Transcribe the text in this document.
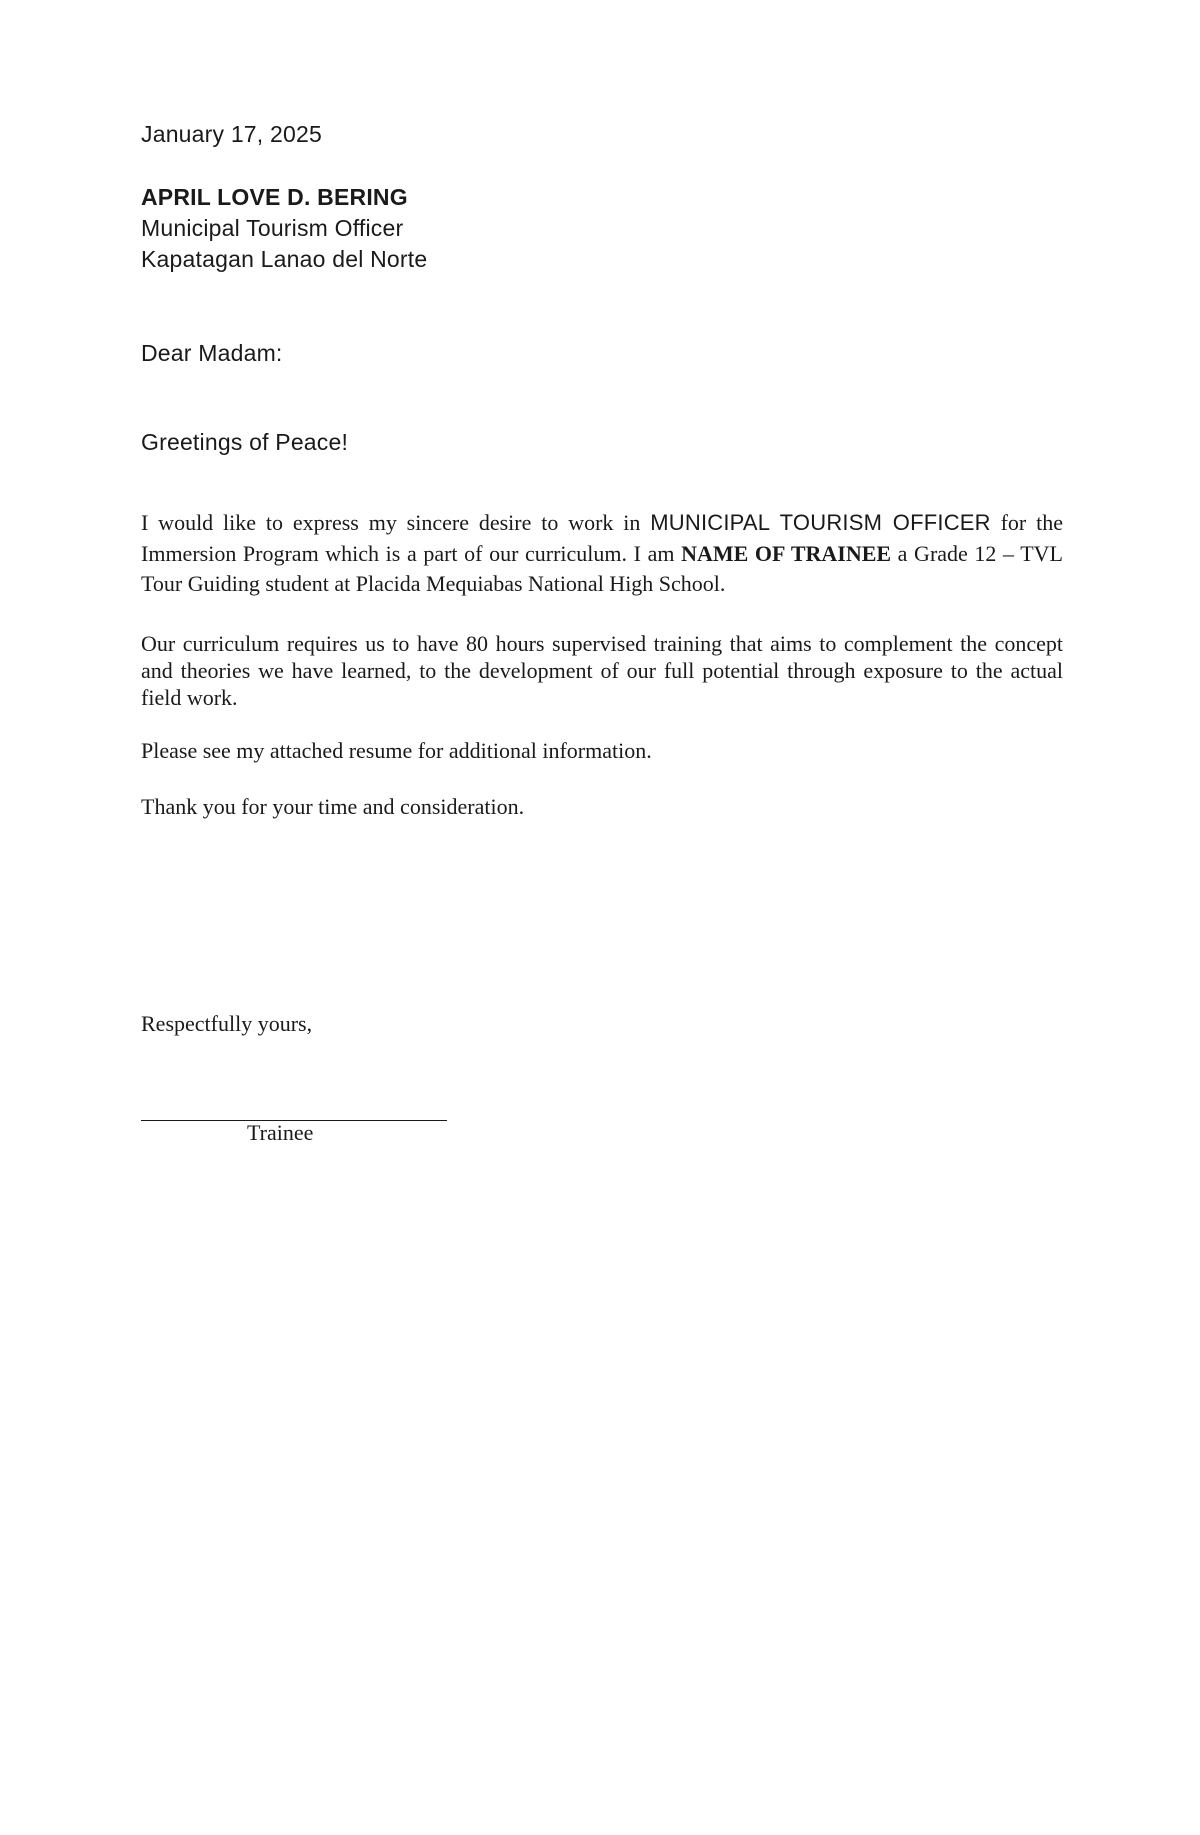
January 17, 2025
APRIL LOVE D. BERING
Municipal Tourism Officer
Kapatagan Lanao del Norte
Dear Madam:
Greetings of Peace!
I would like to express my sincere desire to work in MUNICIPAL TOURISM OFFICER for the Immersion Program which is a part of our curriculum. I am NAME OF TRAINEE a Grade 12 – TVL Tour Guiding student at Placida Mequiabas National High School.
Our curriculum requires us to have 80 hours supervised training that aims to complement the concept and theories we have learned, to the development of our full potential through exposure to the actual field work.
Please see my attached resume for additional information.
Thank you for your time and consideration.
Respectfully yours,
Trainee
